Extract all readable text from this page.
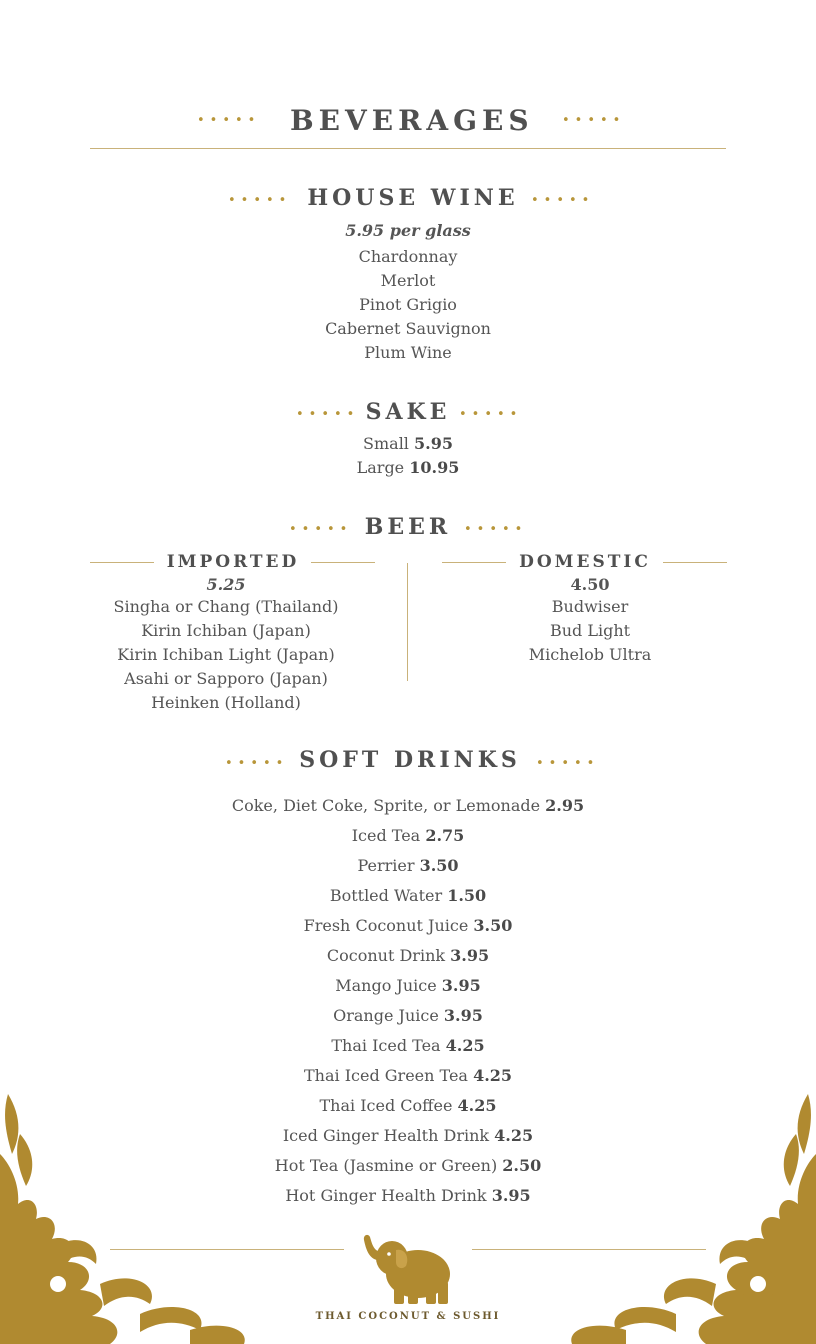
••••• BEVERAGES •••••
••••• HOUSE WINE •••••
5.95 per glass
Chardonnay
Merlot
Pinot Grigio
Cabernet Sauvignon
Plum Wine
••••• SAKE •••••
Small 5.95
Large 10.95
••••• BEER •••••
IMPORTED
5.25
Singha or Chang (Thailand)
Kirin Ichiban (Japan)
Kirin Ichiban Light (Japan)
Asahi or Sapporo (Japan)
Heinken (Holland)
DOMESTIC
4.50
Budwiser
Bud Light
Michelob Ultra
••••• SOFT DRINKS	•••••
Coke, Diet Coke, Sprite, or Lemonade 2.95
Iced Tea 2.75
Perrier 3.50
Bottled Water 1.50
Fresh Coconut Juice 3.50
Coconut Drink 3.95
Mango Juice 3.95
Orange Juice 3.95
Thai Iced Tea 4.25
Thai Iced Green Tea 4.25
Thai Iced Coffee 4.25
Iced Ginger Health Drink 4.25
Hot Tea (Jasmine or Green) 2.50
Hot Ginger Health Drink 3.95
THAI COCONUT & SUSHI
